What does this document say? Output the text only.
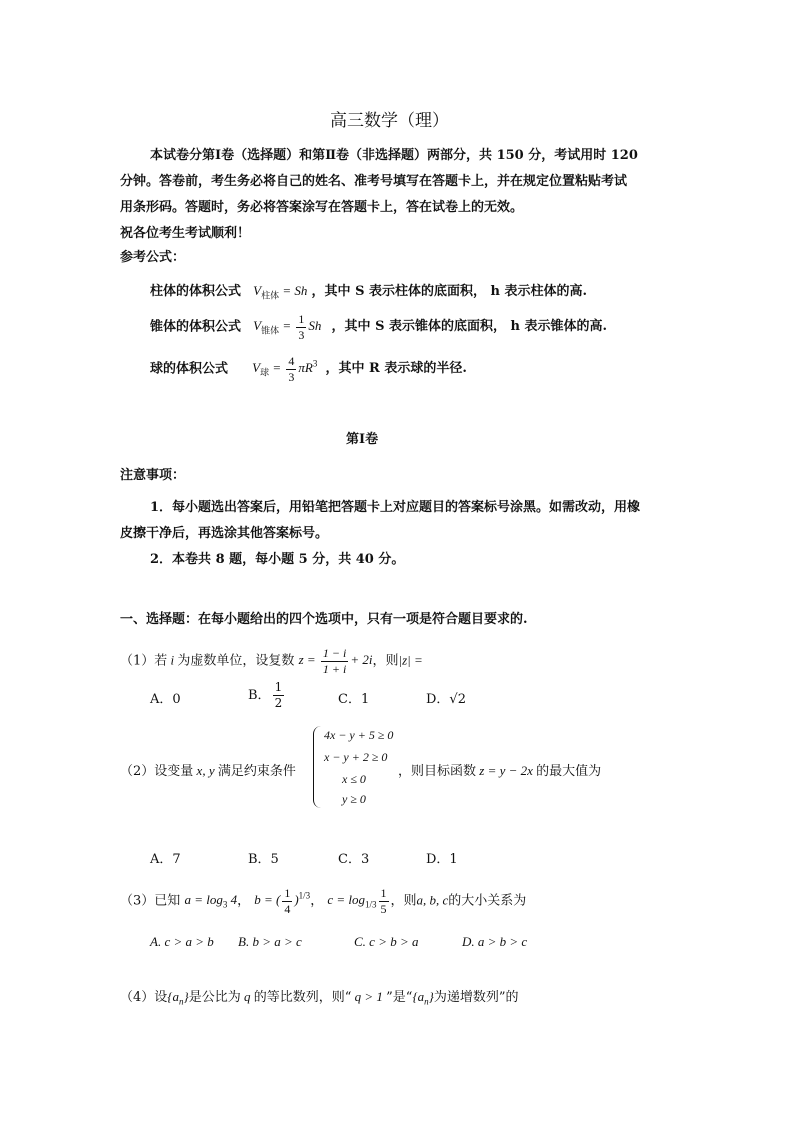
高三数学（理）
本试卷分第Ⅰ卷（选择题）和第Ⅱ卷（非选择题）两部分，共 150 分，考试用时 120
分钟。答卷前，考生务必将自己的姓名、准考号填写在答题卡上，并在规定位置粘贴考试
用条形码。答题时，务必将答案涂写在答题卡上，答在试卷上的无效。
祝各位考生考试顺利！
参考公式：
柱体的体积公式 $V_{柱体} = Sh$ ，其中 S 表示柱体的底面积， h 表示柱体的高.
锥体的体积公式 $V_{锥体} = \frac{1}{3}$ Sh ，其中 S 表示锥体的底面积， h 表示锥体的高.
球的体积公式 $V_球 = \frac{4}{3} \pi R^3$ ，其中 R 表示球的半径.
第Ⅰ卷
注意事项：
1．每小题选出答案后，用铅笔把答题卡上对应题目的答案标号涂黑。如需改动，用橡
皮擦干净后，再选涂其他答案标号。
2．本卷共 8 题，每小题 5 分，共 40 分。
一、选择题：在每小题给出的四个选项中，只有一项是符合题目要求的.
（1）若 i 为虚数单位，设复数 $z = \frac{1 - i}{1 + i} + 2i$，则|z| =
A．0	B． $\frac{1}{2}$	C．1	D．√2
（2）设变量 x, y 满足约束条件
4x − y + 5 ≥ 0
x − y + 2 ≥ 0
x ≤ 0
y ≥ 0
，则目标函数 z = y − 2x 的最大值为
A．7	B．5	C．3	D．1
（3）已知 $a = \log_3 4$， b = ( $\frac{1}{4} )^{1/3}$， $c = \log_{1/3} \frac{1}{5}$ ，则a, b, c的大小关系为
A. c > a > b B. b > a > c	C. c > b > a	D. a > b > c
（4）设$\{a_n\}$是公比为 q 的等比数列，则“ q > 1 ”是“$\{a_n\}$为递增数列”的
